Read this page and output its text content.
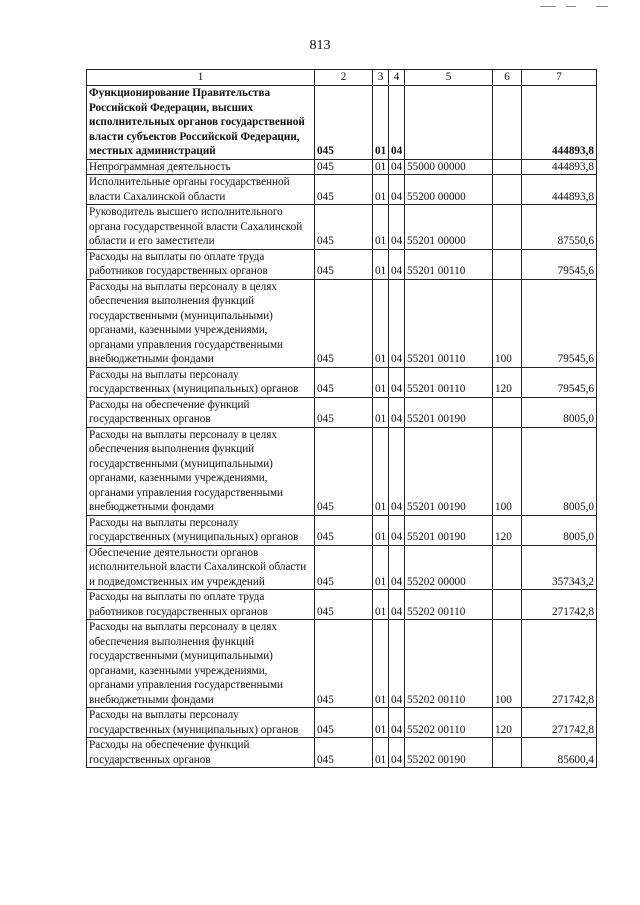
813
1	2	3	4	5	6	7
Функционирование Правительства Российской Федерации, высших исполнительных органов государственной власти субъектов Российской Федерации, местных администраций	045	01	04			444893,8
Непрограммная деятельность	045	01	04	55000 00000		444893,8
Исполнительные органы государственной власти Сахалинской области	045	01	04	55200 00000		444893,8
Руководитель высшего исполнительного органа государственной власти Сахалинской области и его заместители	045	01	04	55201 00000		87550,6
Расходы на выплаты по оплате труда работников государственных органов	045	01	04	55201 00110		79545,6
Расходы на выплаты персоналу в целях обеспечения выполнения функций государственными (муниципальными) органами, казенными учреждениями, органами управления государственными внебюджетными фондами	045	01	04	55201 00110	100	79545,6
Расходы на выплаты персоналу государственных (муниципальных) органов	045	01	04	55201 00110	120	79545,6
Расходы на обеспечение функций государственных органов	045	01	04	55201 00190		8005,0
Расходы на выплаты персоналу в целях обеспечения выполнения функций государственными (муниципальными) органами, казенными учреждениями, органами управления государственными внебюджетными фондами	045	01	04	55201 00190	100	8005,0
Расходы на выплаты персоналу государственных (муниципальных) органов	045	01	04	55201 00190	120	8005,0
Обеспечение деятельности органов исполнительной власти Сахалинской области и подведомственных им учреждений	045	01	04	55202 00000		357343,2
Расходы на выплаты по оплате труда работников государственных органов	045	01	04	55202 00110		271742,8
Расходы на выплаты персоналу в целях обеспечения выполнения функций государственными (муниципальными) органами, казенными учреждениями, органами управления государственными внебюджетными фондами	045	01	04	55202 00110	100	271742,8
Расходы на выплаты персоналу государственных (муниципальных) органов	045	01	04	55202 00110	120	271742,8
Расходы на обеспечение функций государственных органов	045	01	04	55202 00190		85600,4
